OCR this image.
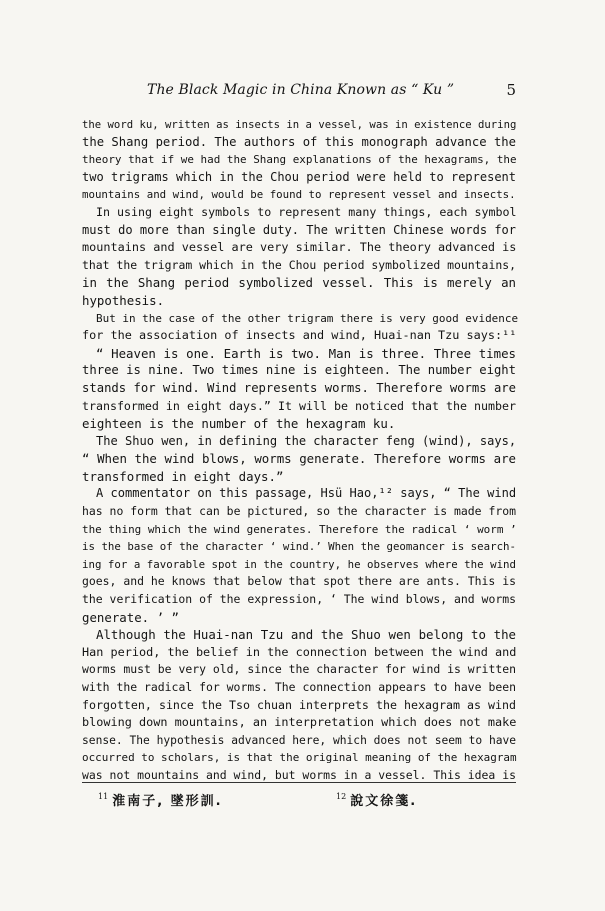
The Black Magic in China Known as “ Ku ”	5
the word ku, written as insects in a vessel, was in existence during
the Shang period. The authors of this monograph advance the
theory that if we had the Shang explanations of the hexagrams, the
two trigrams which in the Chou period were held to represent
mountains and wind, would be found to represent vessel and insects.
In using eight symbols to represent many things, each symbol
must do more than single duty. The written Chinese words for
mountains and vessel are very similar. The theory advanced is
that the trigram which in the Chou period symbolized mountains,
in the Shang period symbolized vessel. This is merely an
hypothesis.
But in the case of the other trigram there is very good evidence
for the association of insects and wind, Huai-nan Tzu says:¹¹
“ Heaven is one. Earth is two. Man is three. Three times
three is nine. Two times nine is eighteen. The number eight
stands for wind. Wind represents worms. Therefore worms are
transformed in eight days.” It will be noticed that the number
eighteen is the number of the hexagram ku.
The Shuo wen, in defining the character feng (wind), says,
“ When the wind blows, worms generate. Therefore worms are
transformed in eight days.”
A commentator on this passage, Hsü Hao,¹² says, “ The wind
has no form that can be pictured, so the character is made from
the thing which the wind generates. Therefore the radical ‘ worm ’
is the base of the character ‘ wind.’ When the geomancer is search-
ing for a favorable spot in the country, he observes where the wind
goes, and he knows that below that spot there are ants. This is
the verification of the expression, ‘ The wind blows, and worms
generate. ’ ”
Although the Huai-nan Tzu and the Shuo wen belong to the
Han period, the belief in the connection between the wind and
worms must be very old, since the character for wind is written
with the radical for worms. The connection appears to have been
forgotten, since the Tso chuan interprets the hexagram as wind
blowing down mountains, an interpretation which does not make
sense. The hypothesis advanced here, which does not seem to have
occurred to scholars, is that the original meaning of the hexagram
was not mountains and wind, but worms in a vessel. This idea is
$^{11}$ 淮南子, 墜形訓.	$^{12}$ 說文徐箋.
